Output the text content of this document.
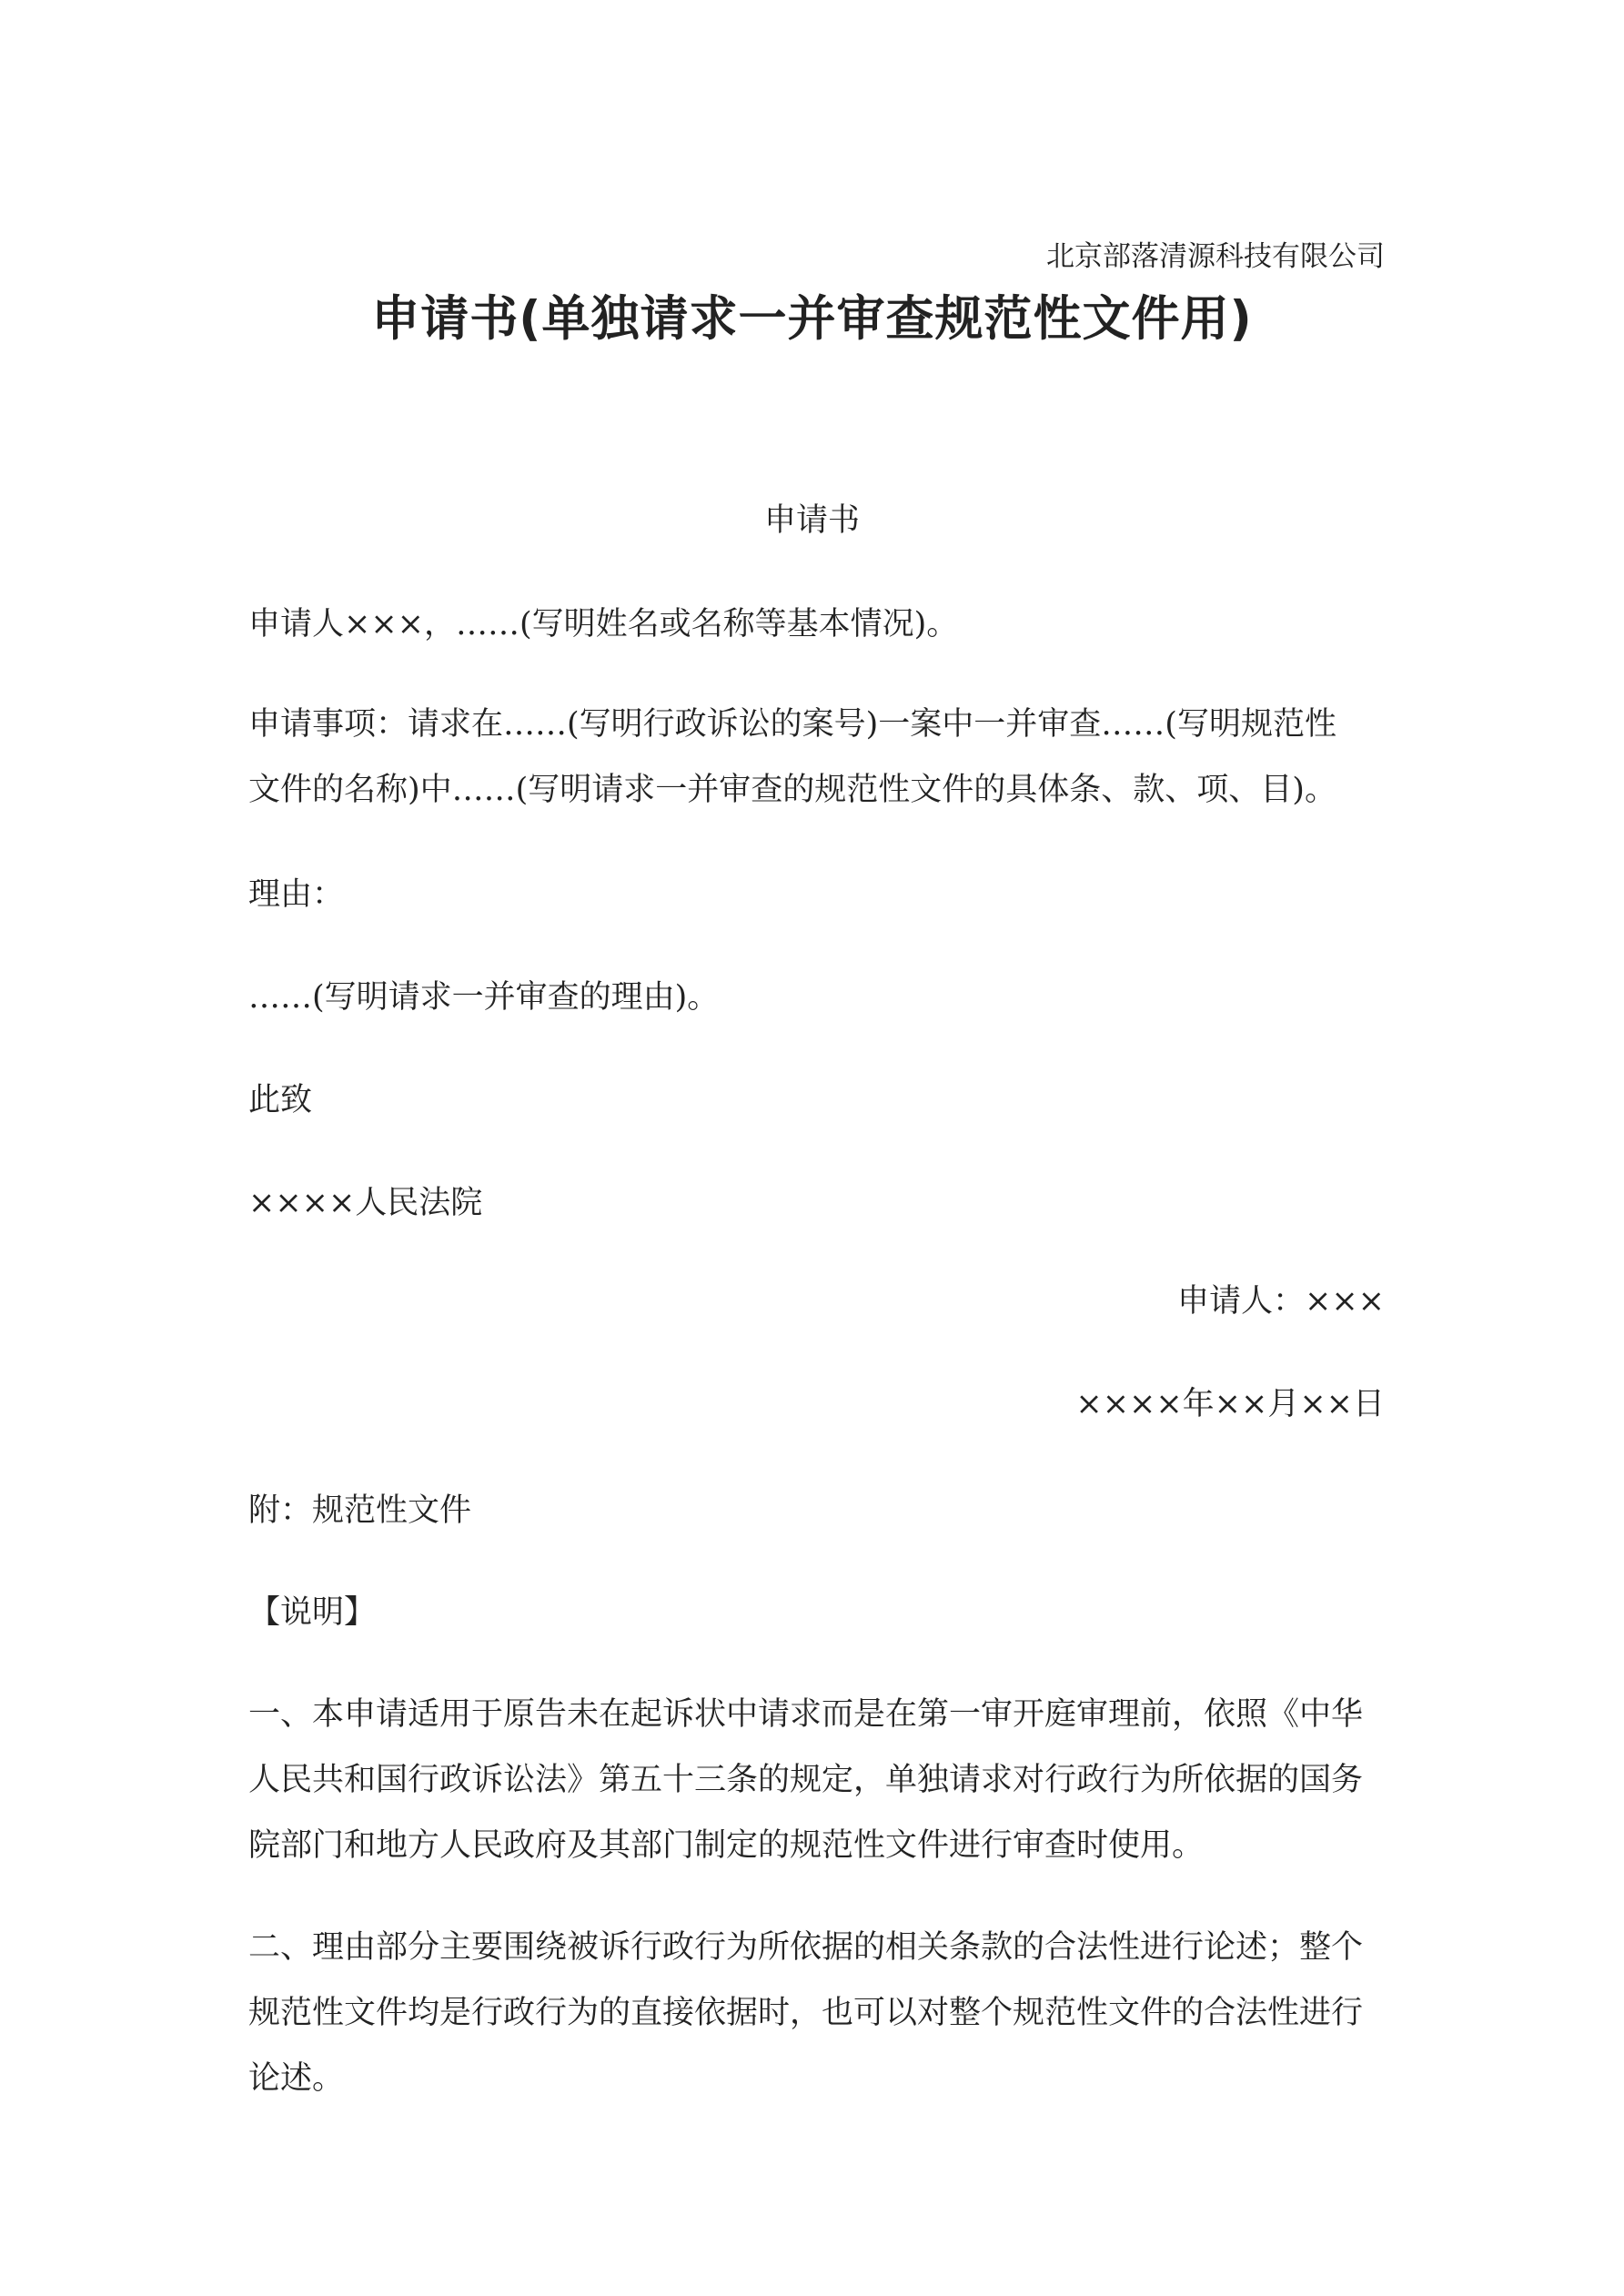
北京部落清源科技有限公司
申请书(单独请求一并审查规范性文件用)
申请书
申请人×××，……(写明姓名或名称等基本情况)。
申请事项：请求在……(写明行政诉讼的案号)一案中一并审查……(写明规范性
文件的名称)中……(写明请求一并审查的规范性文件的具体条、款、项、目)。
理由：
……(写明请求一并审查的理由)。
此致
××××人民法院
申请人：×××
××××年××月××日
附：规范性文件
【说明】
一、本申请适用于原告未在起诉状中请求而是在第一审开庭审理前，依照《中华
人民共和国行政诉讼法》第五十三条的规定，单独请求对行政行为所依据的国务
院部门和地方人民政府及其部门制定的规范性文件进行审查时使用。
二、理由部分主要围绕被诉行政行为所依据的相关条款的合法性进行论述；整个
规范性文件均是行政行为的直接依据时，也可以对整个规范性文件的合法性进行
论述。
